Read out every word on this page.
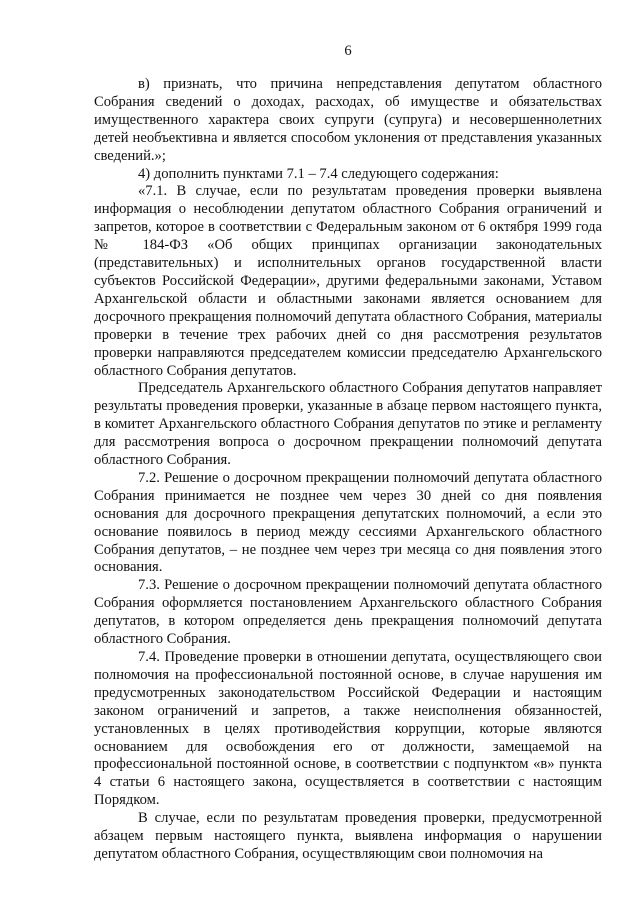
6

в) признать, что причина непредставления депутатом областного Собрания сведений о доходах, расходах, об имуществе и обязательствах имущественного характера своих супруги (супруга) и несовершеннолетних детей необъективна и является способом уклонения от представления указанных сведений.»;

4) дополнить пунктами 7.1 – 7.4 следующего содержания:

«7.1. В случае, если по результатам проведения проверки выявлена информация о несоблюдении депутатом областного Собрания ограничений и запретов, которое в соответствии с Федеральным законом от 6 октября 1999 года № 184-ФЗ «Об общих принципах организации законодательных (представительных) и исполнительных органов государственной власти субъектов Российской Федерации», другими федеральными законами, Уставом Архангельской области и областными законами является основанием для досрочного прекращения полномочий депутата областного Собрания, материалы проверки в течение трех рабочих дней со дня рассмотрения результатов проверки направляются председателем комиссии председателю Архангельского областного Собрания депутатов.

Председатель Архангельского областного Собрания депутатов направляет результаты проведения проверки, указанные в абзаце первом настоящего пункта, в комитет Архангельского областного Собрания депутатов по этике и регламенту для рассмотрения вопроса о досрочном прекращении полномочий депутата областного Собрания.

7.2. Решение о досрочном прекращении полномочий депутата областного Собрания принимается не позднее чем через 30 дней со дня появления основания для досрочного прекращения депутатских полномочий, а если это основание появилось в период между сессиями Архангельского областного Собрания депутатов, – не позднее чем через три месяца со дня появления этого основания.

7.3. Решение о досрочном прекращении полномочий депутата областного Собрания оформляется постановлением Архангельского областного Собрания депутатов, в котором определяется день прекращения полномочий депутата областного Собрания.

7.4. Проведение проверки в отношении депутата, осуществляющего свои полномочия на профессиональной постоянной основе, в случае нарушения им предусмотренных законодательством Российской Федерации и настоящим законом ограничений и запретов, а также неисполнения обязанностей, установленных в целях противодействия коррупции, которые являются основанием для освобождения его от должности, замещаемой на профессиональной постоянной основе, в соответствии с подпунктом «в» пункта 4 статьи 6 настоящего закона, осуществляется в соответствии с настоящим Порядком.

В случае, если по результатам проведения проверки, предусмотренной абзацем первым настоящего пункта, выявлена информация о нарушении депутатом областного Собрания, осуществляющим свои полномочия на
